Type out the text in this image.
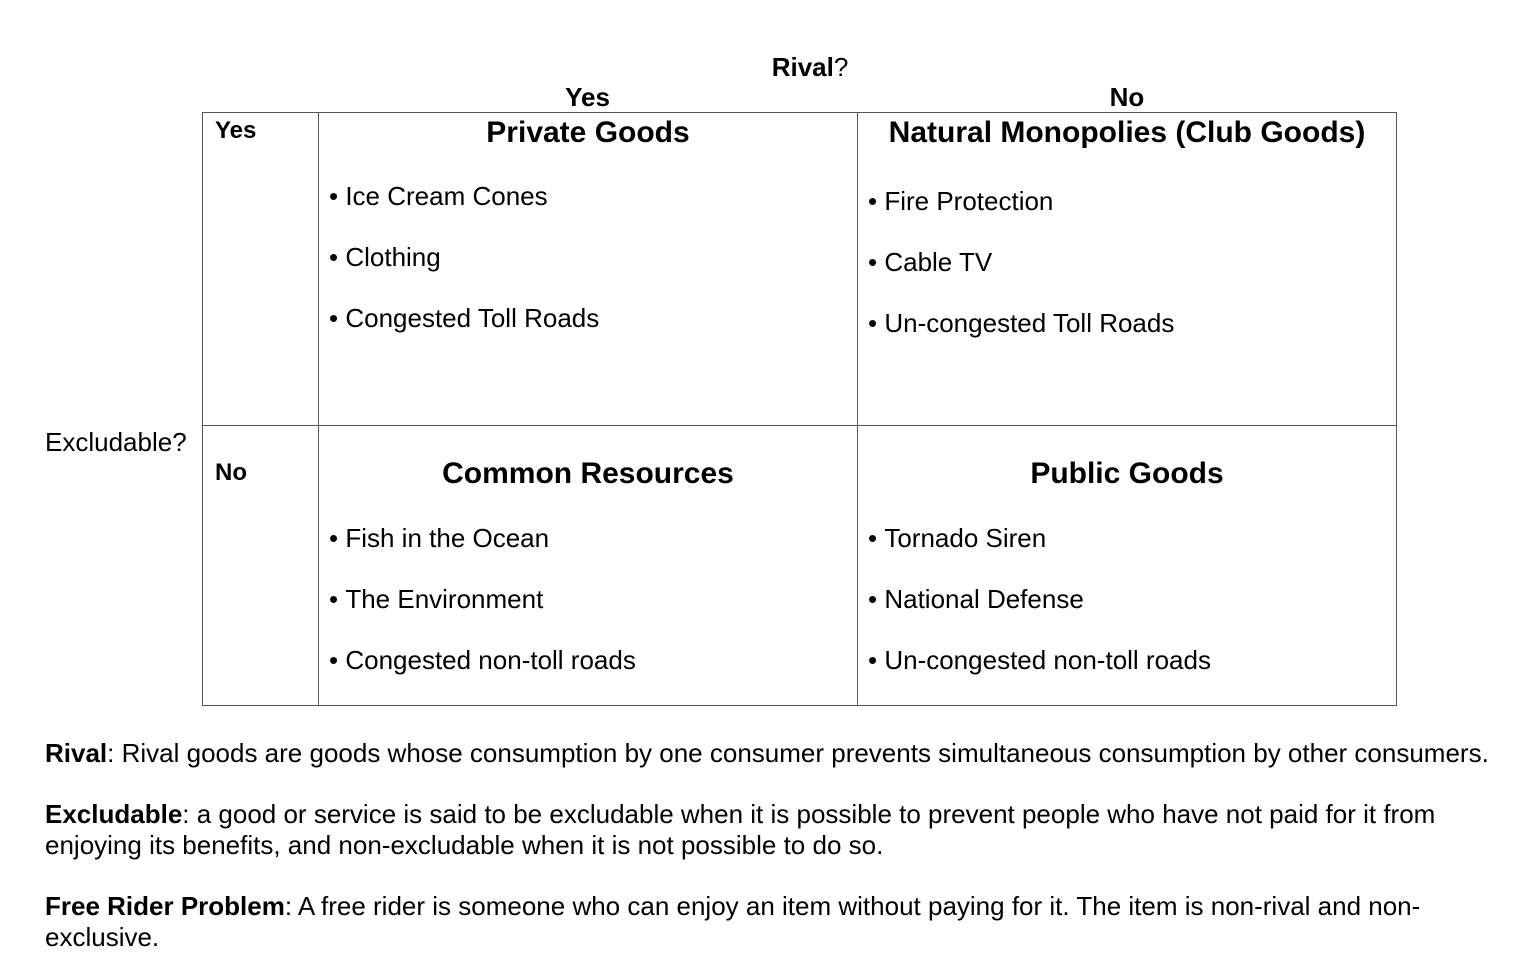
Rival?
Yes	No
Excludable?
Yes
No
Private Goods
• Ice Cream Cones
• Clothing
• Congested Toll Roads
Natural Monopolies (Club Goods)
• Fire Protection
• Cable TV
• Un-congested Toll Roads
Common Resources
• Fish in the Ocean
• The Environment
• Congested non-toll roads
Public Goods
• Tornado Siren
• National Defense
• Un-congested non-toll roads
Rival: Rival goods are goods whose consumption by one consumer prevents simultaneous consumption by other consumers.
Excludable: a good or service is said to be excludable when it is possible to prevent people who have not paid for it from
enjoying its benefits, and non-excludable when it is not possible to do so.
Free Rider Problem: A free rider is someone who can enjoy an item without paying for it. The item is non-rival and non-
exclusive.
